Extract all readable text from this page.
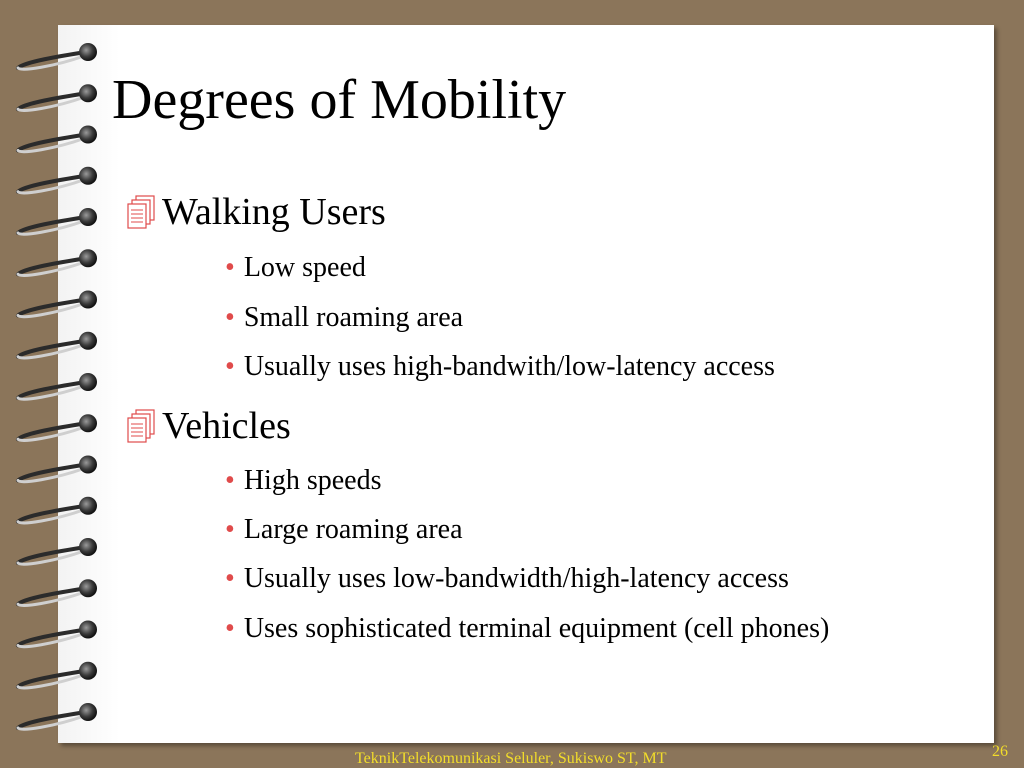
Degrees of Mobility
Walking Users
• Low speed
• Small roaming area
• Usually uses high-bandwith/low-latency access
Vehicles
• High speeds
• Large roaming area
• Usually uses low-bandwidth/high-latency access
• Uses sophisticated terminal equipment (cell phones)
TeknikTelekomunikasi Seluler, Sukiswo ST, MT	26
